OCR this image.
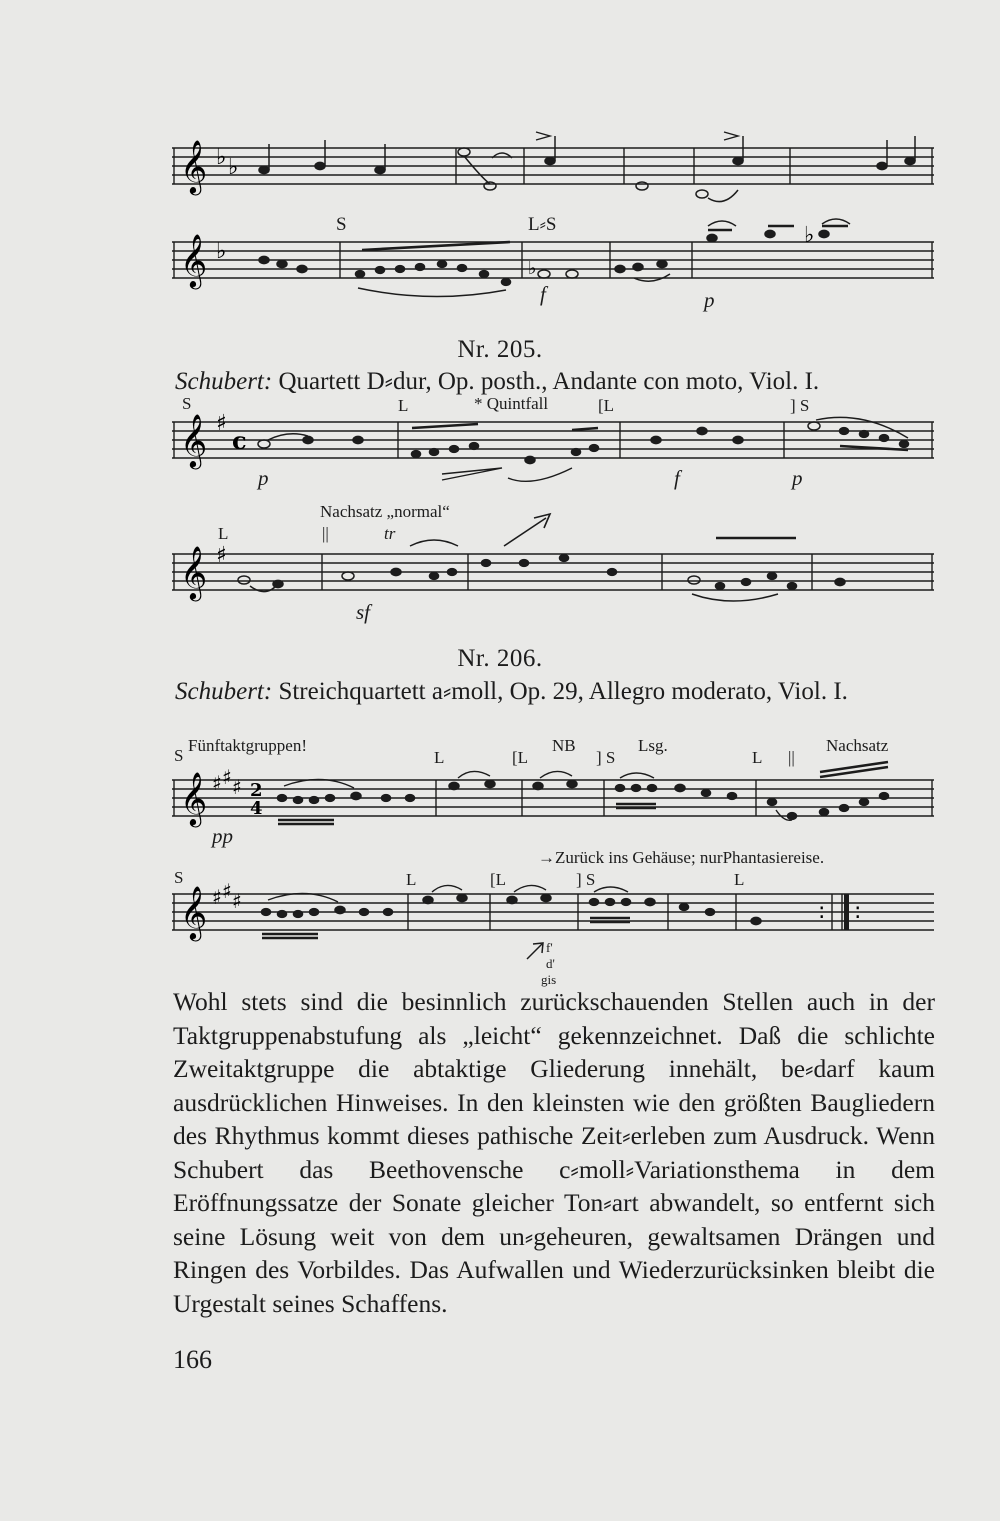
𝄞 ♭ ♭
𝄞 ♭
♭
♭
S	L⸗S
f	p
Nr. 205.
Schubert: Quartett D⸗dur, Op. posth., Andante con moto, Viol. I.
𝄞 ♯
c
S	L	* Quintfall	[L	] S
p	f	p
Nachsatz „normal“
L	||	tr
𝄞 ♯
sf
Nr. 206.
Schubert: Streichquartett a⸗moll, Op. 29, Allegro moderato, Viol. I.
S
Fünftaktgruppen!
L	[L
NB
] S
Lsg.
L ||
Nachsatz
𝄞 ♯ ♯ ♯ 2
4
pp
→Zurück ins Gehäuse; nurPhantasiereise.
S	L	[L	] S	L
𝄞 ♯ ♯ ♯	: :
f'
d'
gis

Wohl stets sind die besinnlich zurückschauenden Stellen auch in der Taktgruppenabstufung als „leicht“ gekennzeichnet. Daß die schlichte Zweitaktgruppe die abtaktige Gliederung innehält, be⸗darf kaum ausdrücklichen Hinweises. In den kleinsten wie den größten Baugliedern des Rhythmus kommt dieses pathische Zeit⸗erleben zum Ausdruck. Wenn Schubert das Beethovensche c⸗moll⸗Variationsthema in dem Eröffnungssatze der Sonate gleicher Ton⸗art abwandelt, so entfernt sich seine Lösung weit von dem un⸗geheuren, gewaltsamen Drängen und Ringen des Vorbildes. Das Aufwallen und Wiederzurücksinken bleibt die Urgestalt seines Schaffens.

166
